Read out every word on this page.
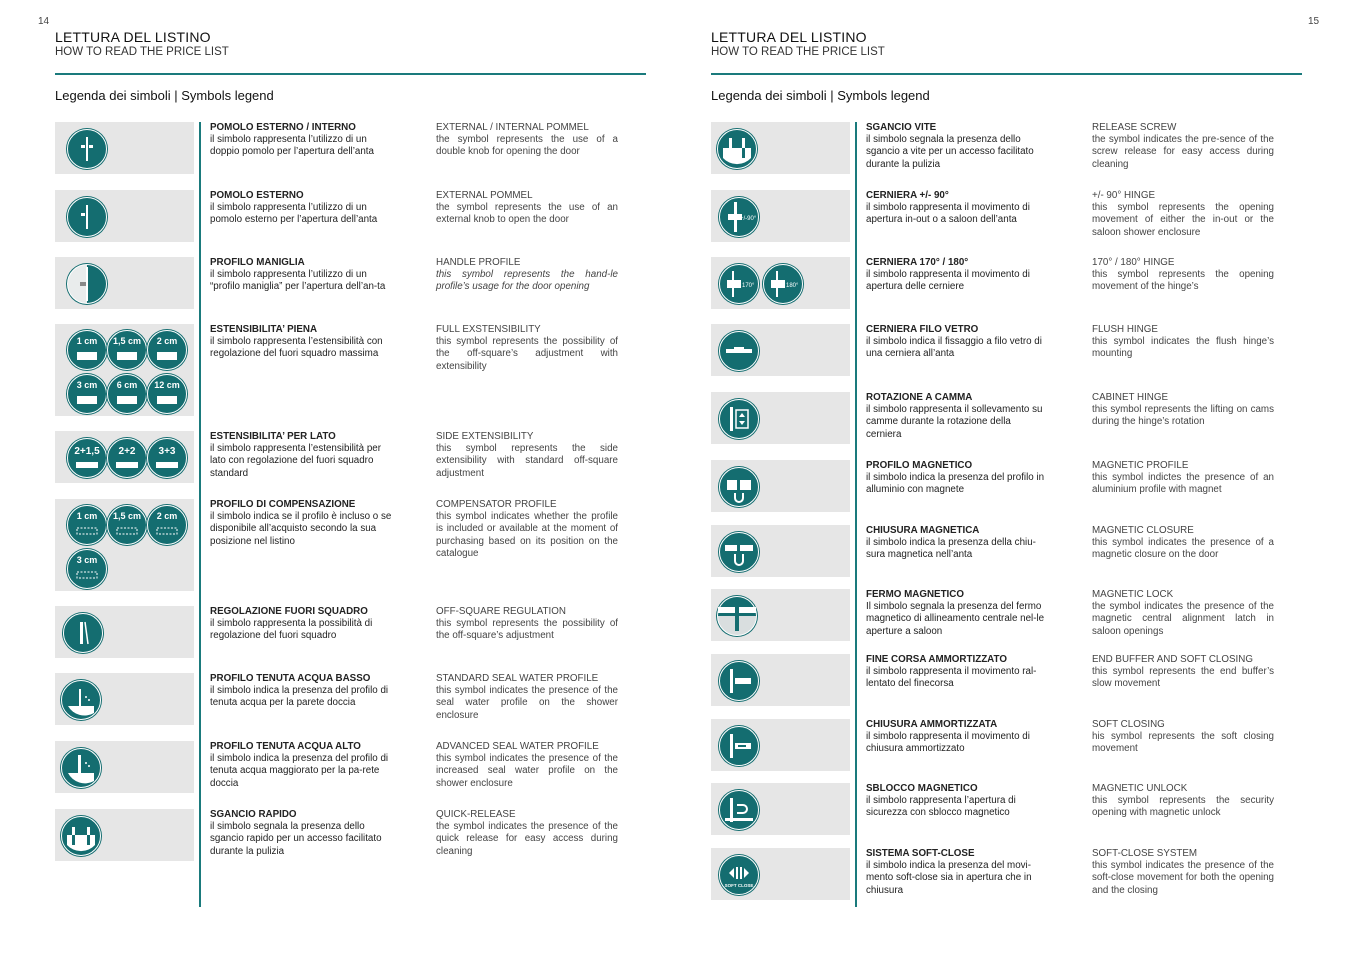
14
LETTURA DEL LISTINO
HOW TO READ THE PRICE LIST
Legenda dei simboli | Symbols legend
POMOLO ESTERNO / INTERNO
il simbolo rappresenta l’utilizzo di un doppio pomolo per l’apertura dell’anta
EXTERNAL / INTERNAL POMMEL
the symbol represents the use of a double knob for opening the door
POMOLO ESTERNO
il simbolo rappresenta l’utilizzo di un pomolo esterno per l’apertura dell’anta
EXTERNAL POMMEL
the symbol represents the use of an external knob to open the door
PROFILO MANIGLIA
il simbolo rappresenta l’utilizzo di un “profilo maniglia” per l’apertura dell’an-ta
HANDLE PROFILE
this symbol represents the hand-le profile’s usage for the door opening
1 cm	1,5 cm	2 cm
3 cm	6 cm	12 cm
ESTENSIBILITA’ PIENA
il simbolo rappresenta l’estensibilità con regolazione del fuori squadro massima
FULL EXSTENSIBILITY
this symbol represents the possibility of the off-square’s adjustment with extensibility
2+1,5	2+2	3+3
ESTENSIBILITA’ PER LATO
il simbolo rappresenta l’estensibilità per lato con regolazione del fuori squadro standard
SIDE EXTENSIBILITY
this symbol represents the side extensibility with standard off-square adjustment
1 cm	1,5 cm	2 cm
3 cm
PROFILO DI COMPENSAZIONE
il simbolo indica se il profilo è incluso o se disponibile all’acquisto secondo la sua posizione nel listino
COMPENSATOR PROFILE
this symbol indicates whether the profile is included or available at the moment of purchasing based on its position on the catalogue
REGOLAZIONE FUORI SQUADRO
il simbolo rappresenta la possibilità di regolazione del fuori squadro
OFF-SQUARE REGULATION
this symbol represents the possibility of the off-square’s adjustment
PROFILO TENUTA ACQUA BASSO
il simbolo indica la presenza del profilo di tenuta acqua per la parete doccia
STANDARD SEAL WATER PROFILE
this symbol indicates the presence of the seal water profile on the shower enclosure
PROFILO TENUTA ACQUA ALTO
il simbolo indica la presenza del profilo di tenuta acqua maggiorato per la pa-rete doccia
ADVANCED SEAL WATER PROFILE
this symbol indicates the presence of the increased seal water profile on the shower enclosure
SGANCIO RAPIDO
il simbolo segnala la presenza dello sgancio rapido per un accesso facilitato durante la pulizia
QUICK-RELEASE
the symbol indicates the presence of the quick release for easy access during cleaning
15
LETTURA DEL LISTINO
HOW TO READ THE PRICE LIST
Legenda dei simboli | Symbols legend
SGANCIO VITE
il simbolo segnala la presenza dello sgancio a vite per un accesso facilitato durante la pulizia
RELEASE SCREW
the symbol indicates the pre-sence of the screw release for easy access during cleaning
+/-90°
CERNIERA +/- 90°
il simbolo rappresenta il movimento di apertura in-out o a saloon dell’anta
+/- 90° HINGE
this symbol represents the opening movement of either the in-out or the saloon shower enclosure
170°	180°
CERNIERA 170° / 180°
il simbolo rappresenta il movimento di apertura delle cerniere
170° / 180° HINGE
this symbol represents the opening movement of the hinge’s
CERNIERA FILO VETRO
il simbolo indica il fissaggio a filo vetro di una cerniera all’anta
FLUSH HINGE
this symbol indicates the flush hinge’s mounting
ROTAZIONE A CAMMA
il simbolo rappresenta il sollevamento su camme durante la rotazione della cerniera
CABINET HINGE
this symbol represents the lifting on cams during the hinge’s rotation
PROFILO MAGNETICO
il simbolo indica la presenza del profilo in alluminio con magnete
MAGNETIC PROFILE
this symbol indictes the presence of an aluminium profile with magnet
CHIUSURA MAGNETICA
il simbolo indica la presenza della chiu-sura magnetica nell’anta
MAGNETIC CLOSURE
this symbol indicates the presence of a magnetic closure on the door
FERMO MAGNETICO
Il simbolo segnala la presenza del fermo magnetico di allineamento centrale nel-le aperture a saloon
MAGNETIC LOCK
the symbol indicates the presence of the magnetic central alignment latch in saloon openings
FINE CORSA AMMORTIZZATO
il simbolo rappresenta il movimento ral-lentato del finecorsa
END BUFFER AND SOFT CLOSING
this symbol represents the end buffer’s slow movement
CHIUSURA AMMORTIZZATA
il simbolo rappresenta il movimento di chiusura ammortizzato
SOFT CLOSING
his symbol represents the soft closing movement
SBLOCCO MAGNETICO
il simbolo rappresenta l’apertura di sicurezza con sblocco magnetico
MAGNETIC UNLOCK
this symbol represents the security opening with magnetic unlock
SOFT CLOSE
SISTEMA SOFT-CLOSE
il simbolo indica la presenza del movi-mento soft-close sia in apertura che in chiusura
SOFT-CLOSE SYSTEM
this symbol indicates the presence of the soft-close movement for both the opening and the closing
